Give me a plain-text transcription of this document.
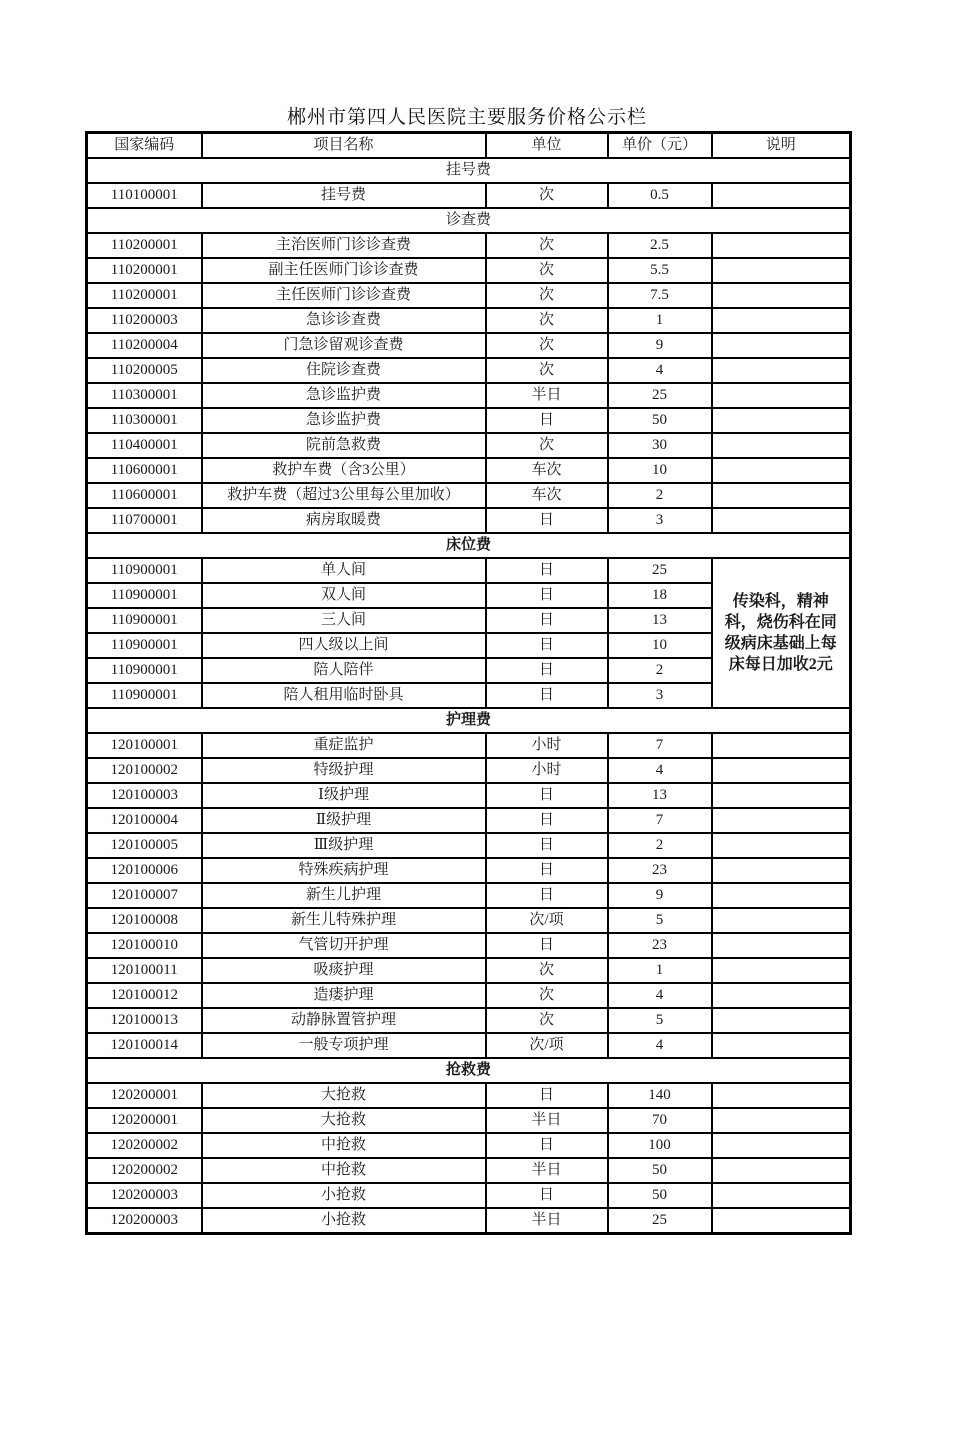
郴州市第四人民医院主要服务价格公示栏
国家编码	项目名称	单位	单价（元）	说明
挂号费				
110100001	挂号费	次	0.5	
诊查费				
110200001	主治医师门诊诊查费	次	2.5	
110200001	副主任医师门诊诊查费	次	5.5	
110200001	主任医师门诊诊查费	次	7.5	
110200003	急诊诊查费	次	1	
110200004	门急诊留观诊查费	次	9	
110200005	住院诊查费	次	4	
110300001	急诊监护费	半日	25	
110300001	急诊监护费	日	50	
110400001	院前急救费	次	30	
110600001	救护车费（含3公里）	车次	10	
110600001	救护车费（超过3公里每公里加收）	车次	2	
110700001	病房取暖费	日	3	
床位费				
110900001	单人间	日	25	传染科，精神科，烧伤科在同级病床基础上每床每日加收2元
110900001	双人间	日	18	
110900001	三人间	日	13	
110900001	四人级以上间	日	10	
110900001	陪人陪伴	日	2	
110900001	陪人租用临时卧具	日	3	
护理费				
120100001	重症监护	小时	7	
120100002	特级护理	小时	4	
120100003	Ⅰ级护理	日	13	
120100004	Ⅱ级护理	日	7	
120100005	Ⅲ级护理	日	2	
120100006	特殊疾病护理	日	23	
120100007	新生儿护理	日	9	
120100008	新生儿特殊护理	次/项	5	
120100010	气管切开护理	日	23	
120100011	吸痰护理	次	1	
120100012	造瘘护理	次	4	
120100013	动静脉置管护理	次	5	
120100014	一般专项护理	次/项	4	
抢救费				
120200001	大抢救	日	140	
120200001	大抢救	半日	70	
120200002	中抢救	日	100	
120200002	中抢救	半日	50	
120200003	小抢救	日	50	
120200003	小抢救	半日	25	
